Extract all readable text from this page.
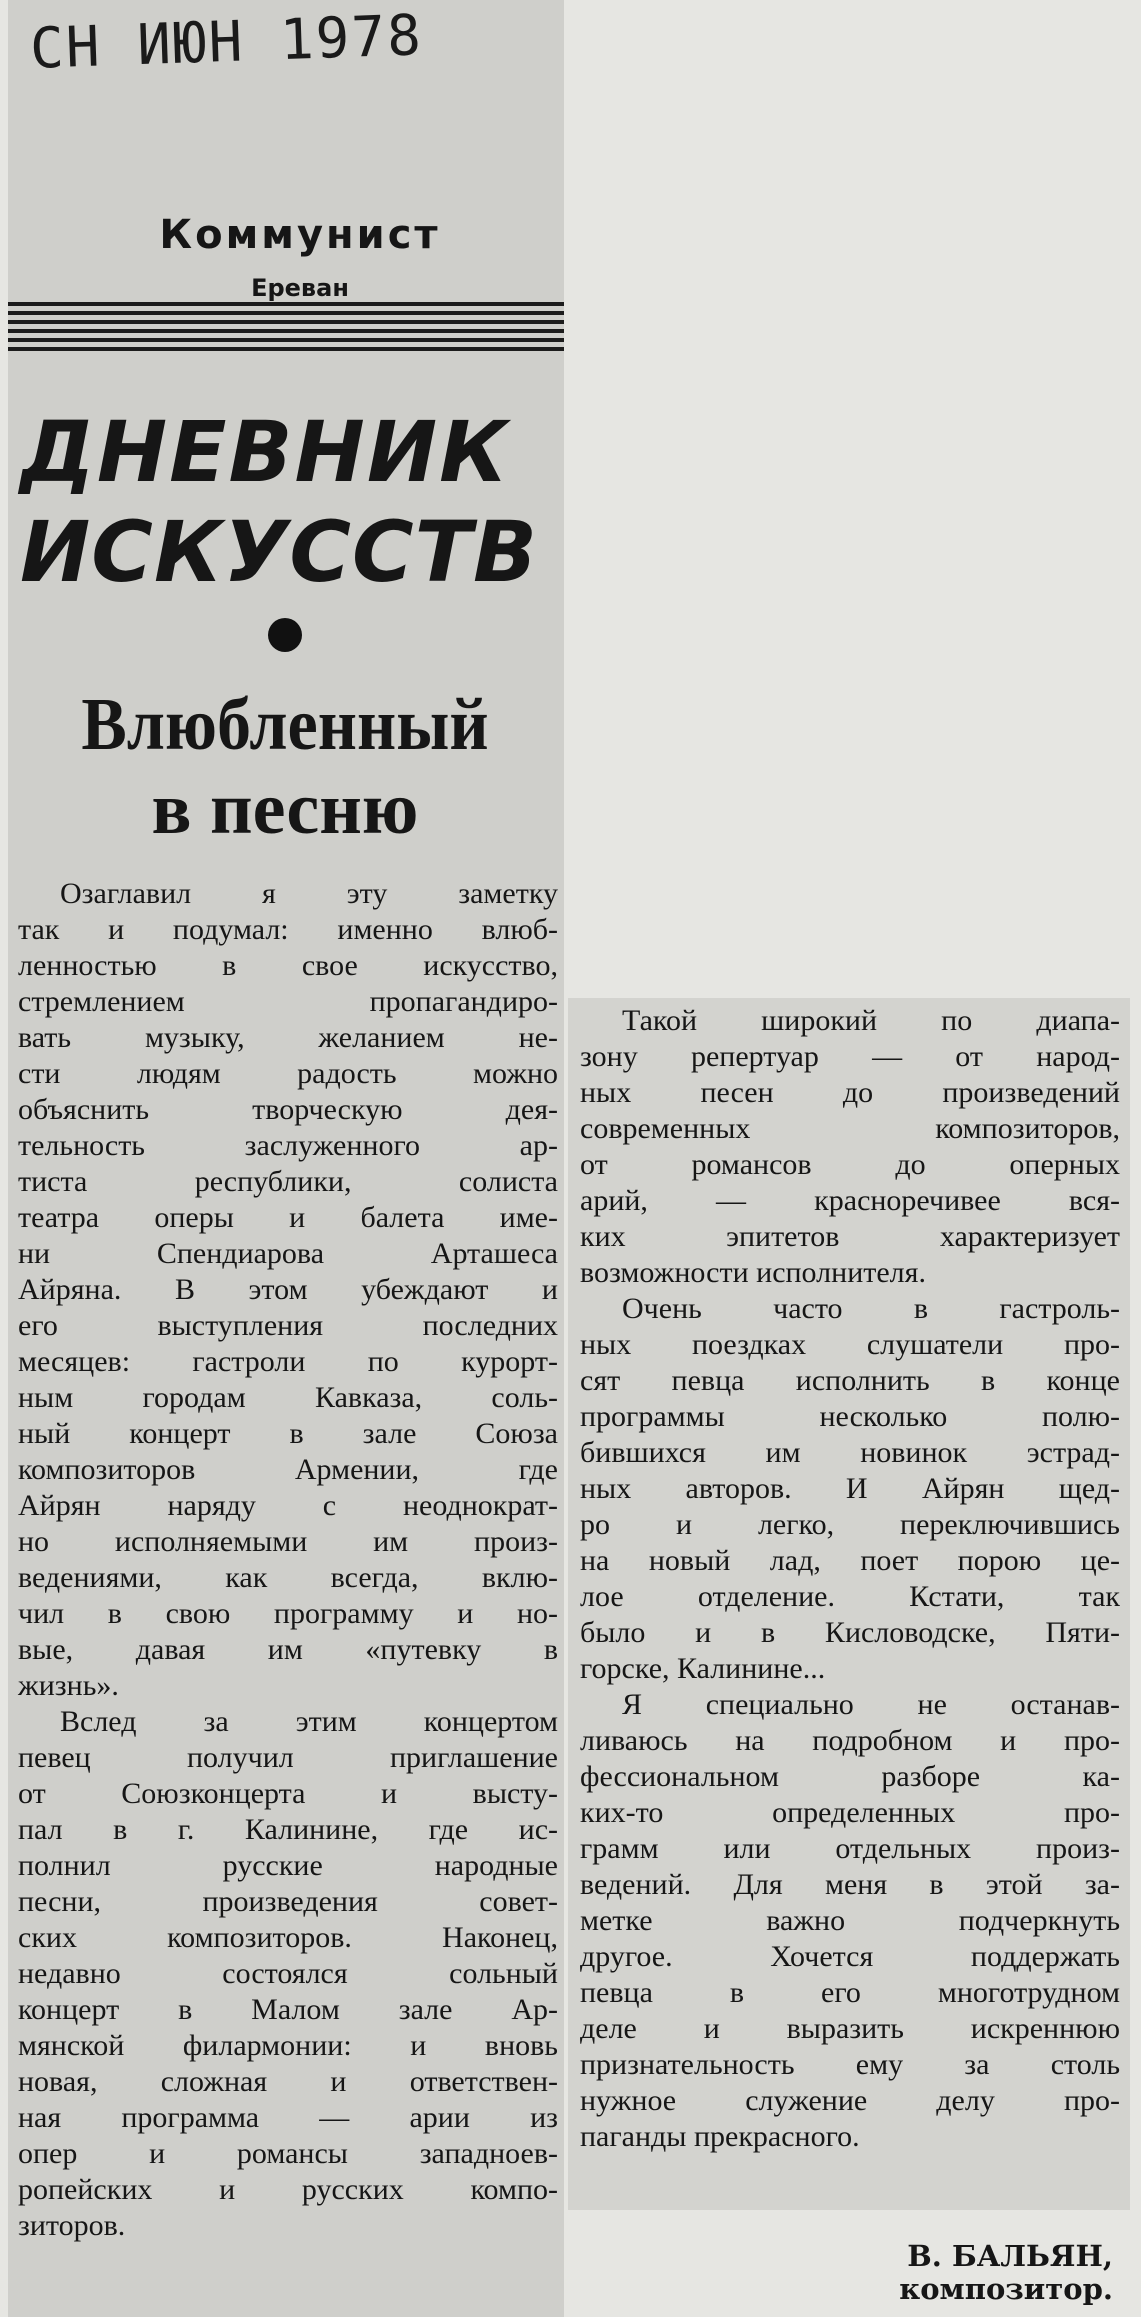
СН ИЮН 1978
Коммунист
Ереван
ДНЕВНИК
ИСКУССТВ
Влюбленный
в песню
Озаглавил я эту заметку
так и подумал: именно влюб-
ленностью в свое искусство,
стремлением пропагандиро-
вать музыку, желанием не-
сти людям радость можно
объяснить творческую дея-
тельность заслуженного ар-
тиста республики, солиста
театра оперы и балета име-
ни Спендиарова Арташеса
Айряна. В этом убеждают и
его выступления последних
месяцев: гастроли по курорт-
ным городам Кавказа, соль-
ный концерт в зале Союза
композиторов Армении, где
Айрян наряду с неоднократ-
но исполняемыми им произ-
ведениями, как всегда, вклю-
чил в свою программу и но-
вые, давая им «путевку в
жизнь».
Вслед за этим концертом
певец получил приглашение
от Союзконцерта и высту-
пал в г. Калинине, где ис-
полнил русские народные
песни, произведения совет-
ских композиторов. Наконец,
недавно состоялся сольный
концерт в Малом зале Ар-
мянской филармонии: и вновь
новая, сложная и ответствен-
ная программа — арии из
опер и романсы западноев-
ропейских и русских компо-
зиторов.
Такой широкий по диапа-
зону репертуар — от народ-
ных песен до произведений
современных композиторов,
от романсов до оперных
арий, — красноречивее вся-
ких эпитетов характеризует
возможности исполнителя.
Очень часто в гастроль-
ных поездках слушатели про-
сят певца исполнить в конце
программы несколько полю-
бившихся им новинок эстрад-
ных авторов. И Айрян щед-
ро и легко, переключившись
на новый лад, поет порою це-
лое отделение. Кстати, так
было и в Кисловодске, Пяти-
горске, Калинине...
Я специально не останав-
ливаюсь на подробном и про-
фессиональном разборе ка-
ких-то определенных про-
грамм или отдельных произ-
ведений. Для меня в этой за-
метке важно подчеркнуть
другое. Хочется поддержать
певца в его многотрудном
деле и выразить искреннюю
признательность ему за столь
нужное служение делу про-
паганды прекрасного.
В. БАЛЬЯН,
композитор.
